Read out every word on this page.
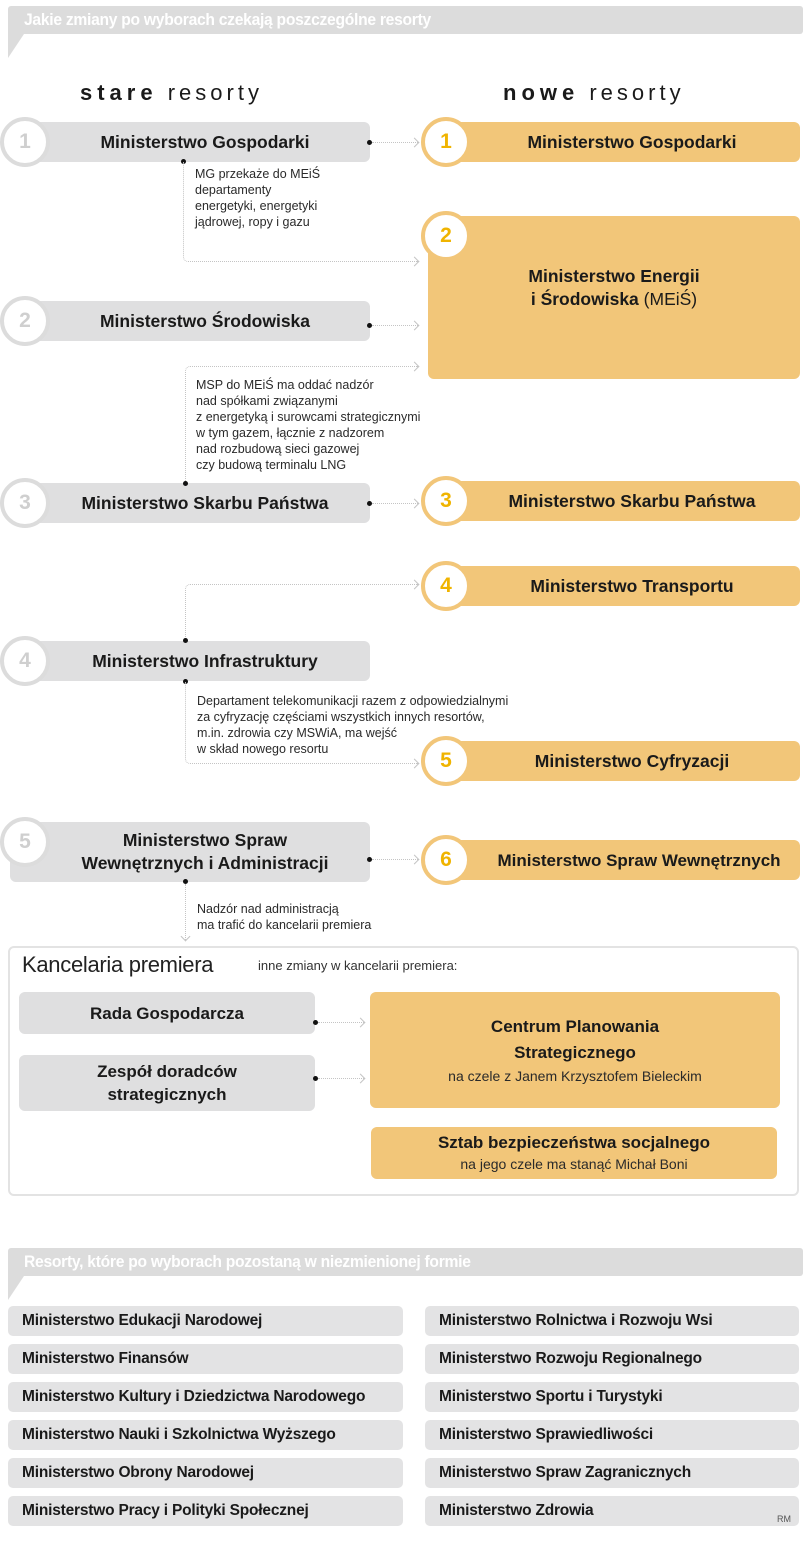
Jakie zmiany po wyborach czekają poszczególne resorty
stare resorty	nowe resorty
Ministerstwo Gospodarki
1
Ministerstwo Środowiska
2
Ministerstwo Skarbu Państwa
3
Ministerstwo Infrastruktury
4
Ministerstwo Spraw
Wewnętrznych i Administracji
5
Ministerstwo Gospodarki
1
Ministerstwo Energii
i Środowiska (MEiŚ)
2
Ministerstwo Skarbu Państwa
3
Ministerstwo Transportu
4
Ministerstwo Cyfryzacji
5
Ministerstwo Spraw Wewnętrznych
6
MG przekaże do MEiŚ
departamenty
energetyki, energetyki
jądrowej, ropy i gazu
MSP do MEiŚ ma oddać nadzór
nad spółkami związanymi
z energetyką i surowcami strategicznymi
w tym gazem, łącznie z nadzorem
nad rozbudową sieci gazowej
czy budową terminalu LNG
Departament telekomunikacji razem z odpowiedzialnymi
za cyfryzację częściami wszystkich innych resortów,
m.in. zdrowia czy MSWiA, ma wejść
w skład nowego resortu
Nadzór nad administracją
ma trafić do kancelarii premiera
Kancelaria premiera	inne zmiany w kancelarii premiera:
Rada Gospodarcza
Zespół doradców
strategicznych
Centrum Planowania
Strategicznego
na czele z Janem Krzysztofem Bieleckim
Sztab bezpieczeństwa socjalnego
na jego czele ma stanąć Michał Boni
Resorty, które po wyborach pozostaną w niezmienionej formie
Ministerstwo Edukacji Narodowej
Ministerstwo Finansów
Ministerstwo Kultury i Dziedzictwa Narodowego
Ministerstwo Nauki i Szkolnictwa Wyższego
Ministerstwo Obrony Narodowej
Ministerstwo Pracy i Polityki Społecznej
Ministerstwo Rolnictwa i Rozwoju Wsi
Ministerstwo Rozwoju Regionalnego
Ministerstwo Sportu i Turystyki
Ministerstwo Sprawiedliwości
Ministerstwo Spraw Zagranicznych
Ministerstwo Zdrowia	RM
